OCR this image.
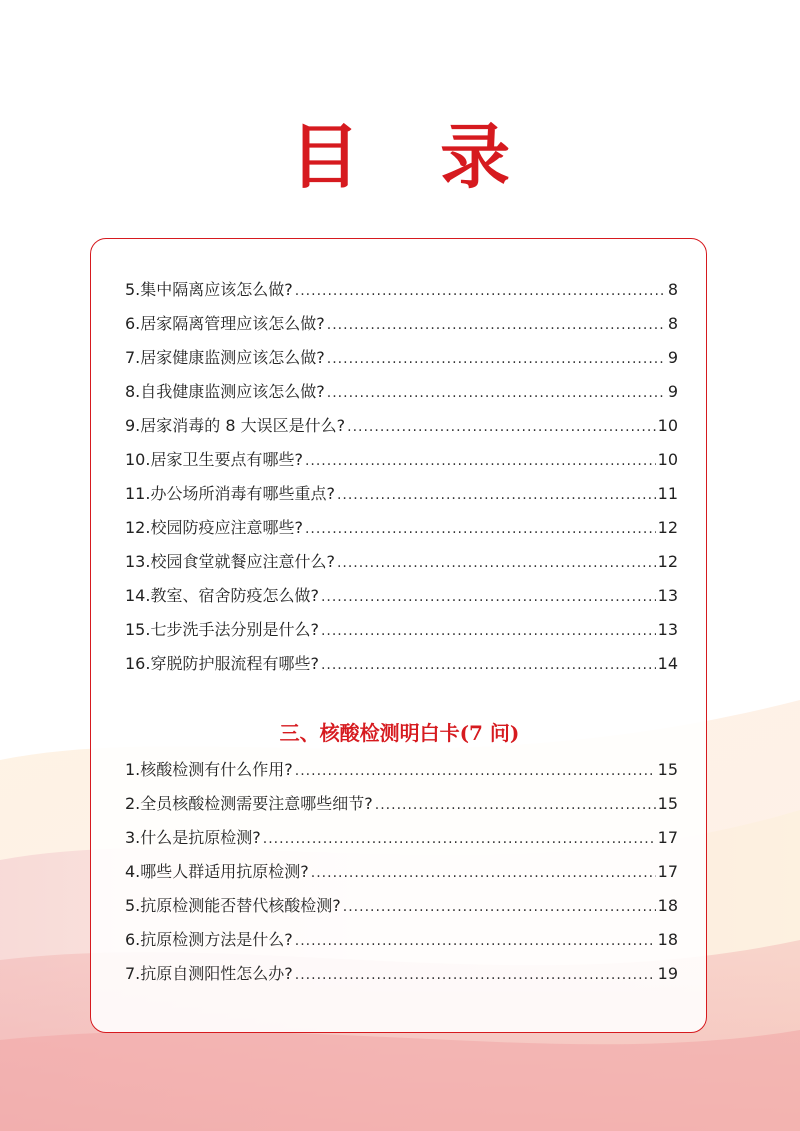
目 录
5.集中隔离应该怎么做? .....	8
6.居家隔离管理应该怎么做? .....	8
7.居家健康监测应该怎么做? .....	9
8.自我健康监测应该怎么做? .....	9
9.居家消毒的 8 大误区是什么? .....	10
10.居家卫生要点有哪些? .....	10
11.办公场所消毒有哪些重点? .....	11
12.校园防疫应注意哪些? .....	12
13.校园食堂就餐应注意什么? .....	12
14.教室、宿舍防疫怎么做? .....	13
15.七步洗手法分别是什么? .....	13
16.穿脱防护服流程有哪些? .....	14
三、核酸检测明白卡(7 问)
1.核酸检测有什么作用? .....	15
2.全员核酸检测需要注意哪些细节? .....	15
3.什么是抗原检测? .....	17
4.哪些人群适用抗原检测? .....	17
5.抗原检测能否替代核酸检测? .....	18
6.抗原检测方法是什么? .....	18
7.抗原自测阳性怎么办? .....	19
